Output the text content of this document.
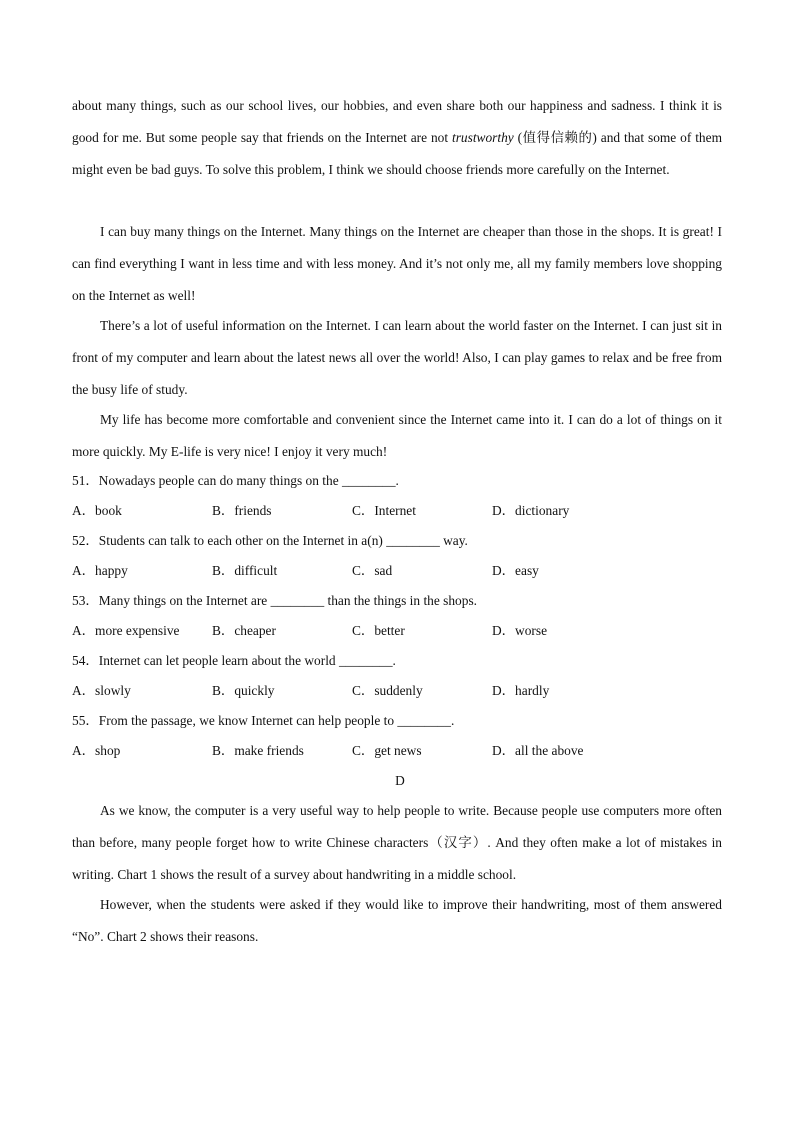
about many things, such as our school lives, our hobbies, and even share both our happiness and sadness. I think it is good for me. But some people say that friends on the Internet are not trustworthy (值得信赖的) and that some of them might even be bad guys. To solve this problem, I think we should choose friends more carefully on the Internet.

I can buy many things on the Internet. Many things on the Internet are cheaper than those in the shops. It is great! I can find everything I want in less time and with less money. And it’s not only me, all my family members love shopping on the Internet as well!

There’s a lot of useful information on the Internet. I can learn about the world faster on the Internet. I can just sit in front of my computer and learn about the latest news all over the world! Also, I can play games to relax and be free from the busy life of study.

My life has become more comfortable and convenient since the Internet came into it. I can do a lot of things on it more quickly. My E-life is very nice! I enjoy it very much!

51．Nowadays people can do many things on the ________.
A．book	B．friends	C．Internet	D．dictionary
52．Students can talk to each other on the Internet in a(n) ________ way.
A．happy	B．difficult	C．sad	D．easy
53．Many things on the Internet are ________ than the things in the shops.
A．more expensive B．cheaper	C．better	D．worse
54．Internet can let people learn about the world ________.
A．slowly	B．quickly	C．suddenly	D．hardly
55．From the passage, we know Internet can help people to ________.
A．shop	B．make friends	C．get news	D．all the above
D

As we know, the computer is a very useful way to help people to write. Because people use computers more often than before, many people forget how to write Chinese characters（汉字）. And they often make a lot of mistakes in writing. Chart 1 shows the result of a survey about handwriting in a middle school.

However, when the students were asked if they would like to improve their handwriting, most of them answered “No”. Chart 2 shows their reasons.
